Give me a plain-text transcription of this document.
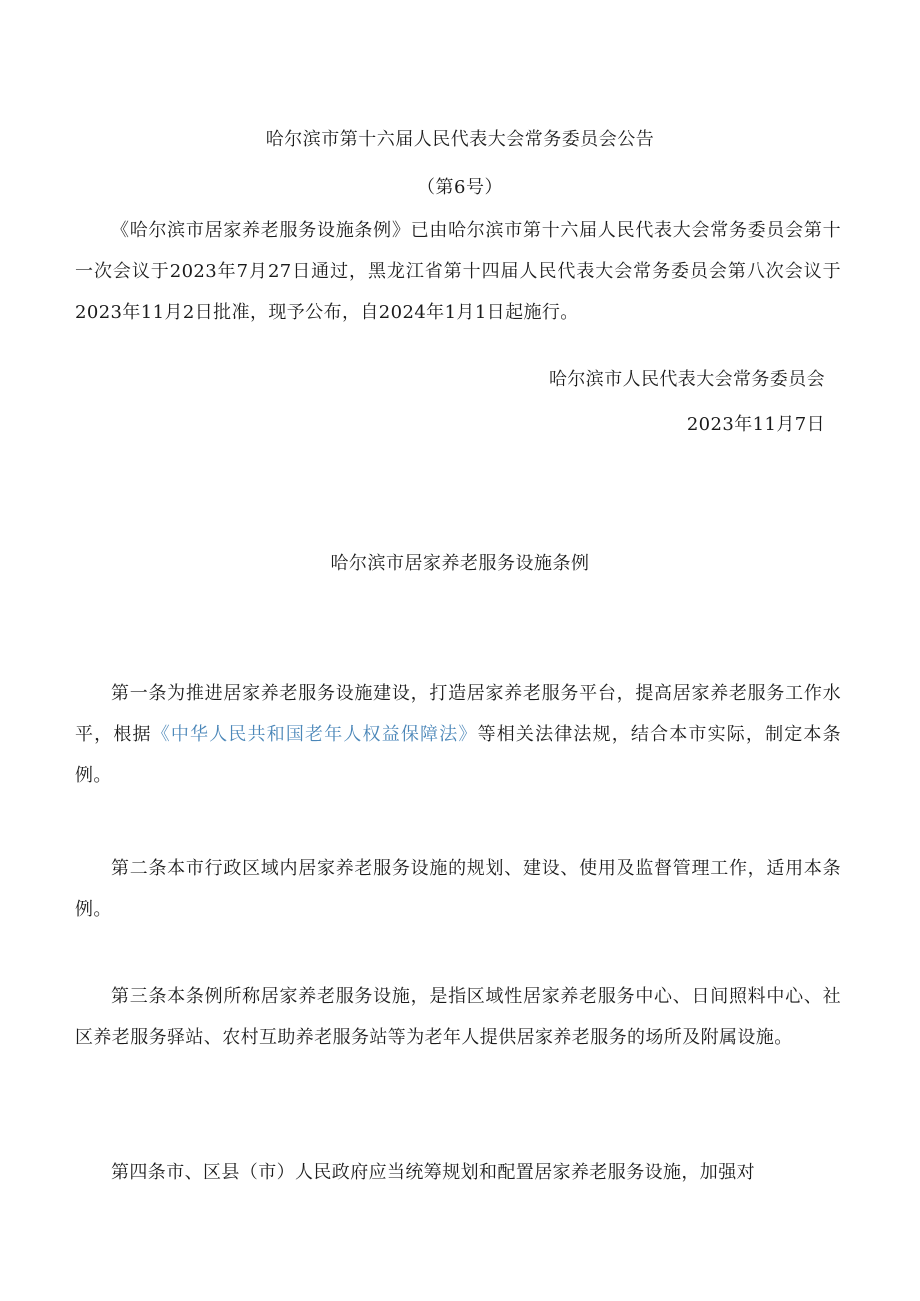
哈尔滨市第十六届人民代表大会常务委员会公告
（第6号）

《哈尔滨市居家养老服务设施条例》已由哈尔滨市第十六届人民代表大会常务委员会第十一次会议于2023年7月27日通过，黑龙江省第十四届人民代表大会常务委员会第八次会议于2023年11月2日批准，现予公布，自2024年1月1日起施行。

哈尔滨市人民代表大会常务委员会
2023年11月7日
哈尔滨市居家养老服务设施条例

第一条为推进居家养老服务设施建设，打造居家养老服务平台，提高居家养老服务工作水平，根据《中华人民共和国老年人权益保障法》等相关法律法规，结合本市实际，制定本条例。

第二条本市行政区域内居家养老服务设施的规划、建设、使用及监督管理工作，适用本条例。

第三条本条例所称居家养老服务设施，是指区域性居家养老服务中心、日间照料中心、社区养老服务驿站、农村互助养老服务站等为老年人提供居家养老服务的场所及附属设施。

第四条市、区县（市）人民政府应当统筹规划和配置居家养老服务设施，加强对
